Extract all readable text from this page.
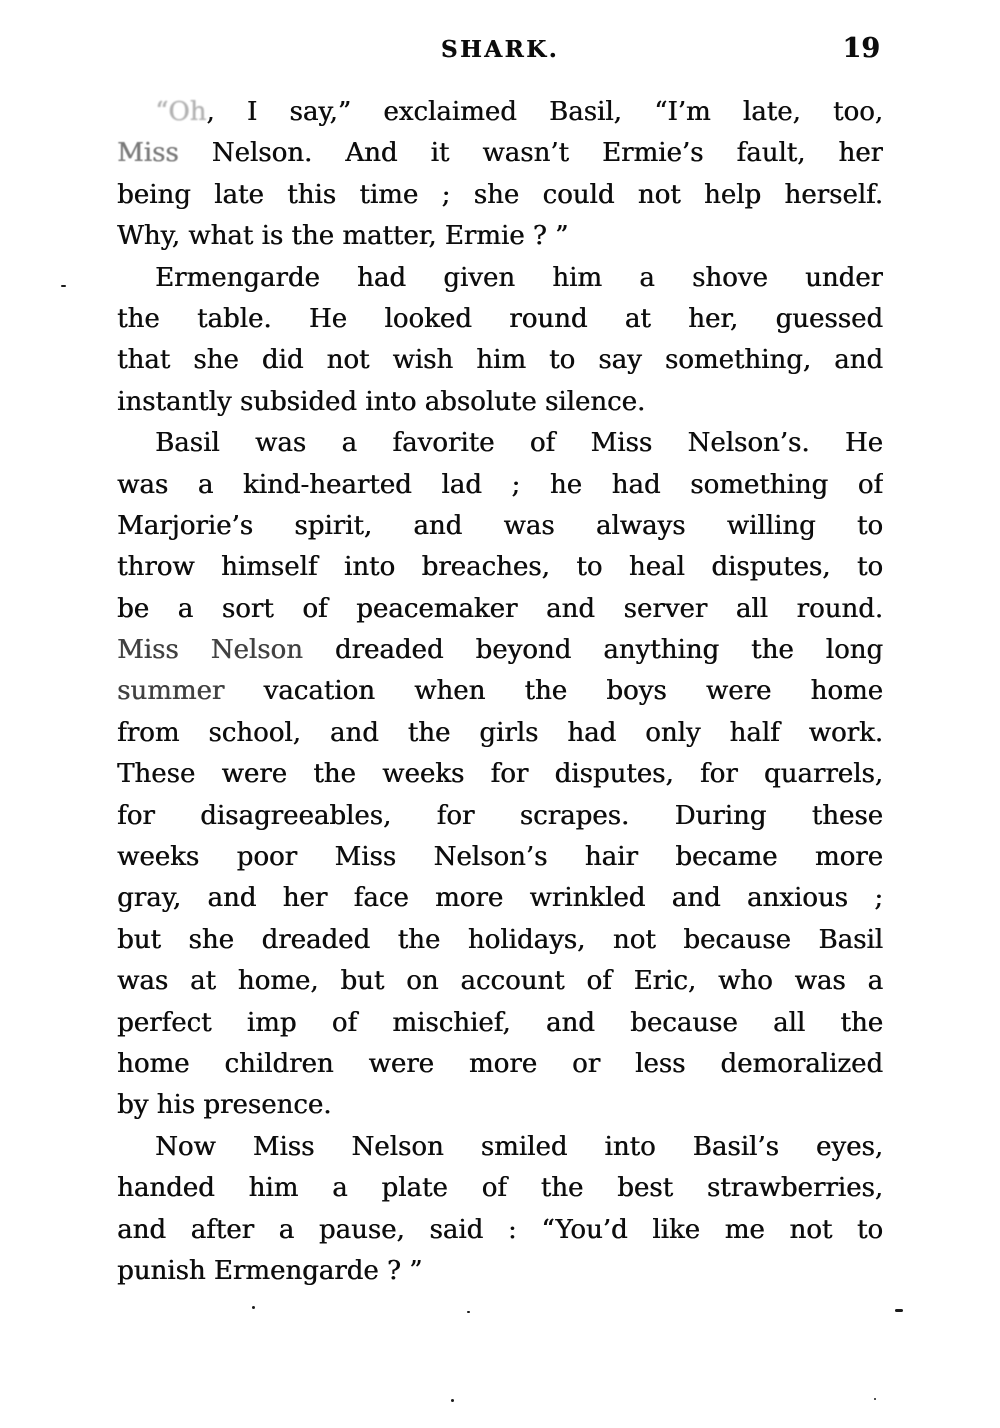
SHARK.	19
“Oh, I say,” exclaimed Basil, “I’m late, too,
Miss Nelson. And it wasn’t Ermie’s fault, her
being late this time ; she could not help herself.
Why, what is the matter, Ermie ? ”
Ermengarde had given him a shove under
the table. He looked round at her, guessed
that she did not wish him to say something, and
instantly subsided into absolute silence.
Basil was a favorite of Miss Nelson’s. He
was a kind-hearted lad ; he had something of
Marjorie’s spirit, and was always willing to
throw himself into breaches, to heal disputes, to
be a sort of peacemaker and server all round.
Miss Nelson dreaded beyond anything the long
summer vacation when the boys were home
from school, and the girls had only half work.
These were the weeks for disputes, for quarrels,
for disagreeables, for scrapes. During these
weeks poor Miss Nelson’s hair became more
gray, and her face more wrinkled and anxious ;
but she dreaded the holidays, not because Basil
was at home, but on account of Eric, who was a
perfect imp of mischief, and because all the
home children were more or less demoralized
by his presence.
Now Miss Nelson smiled into Basil’s eyes,
handed him a plate of the best strawberries,
and after a pause, said : “You’d like me not to
punish Ermengarde ? ”
